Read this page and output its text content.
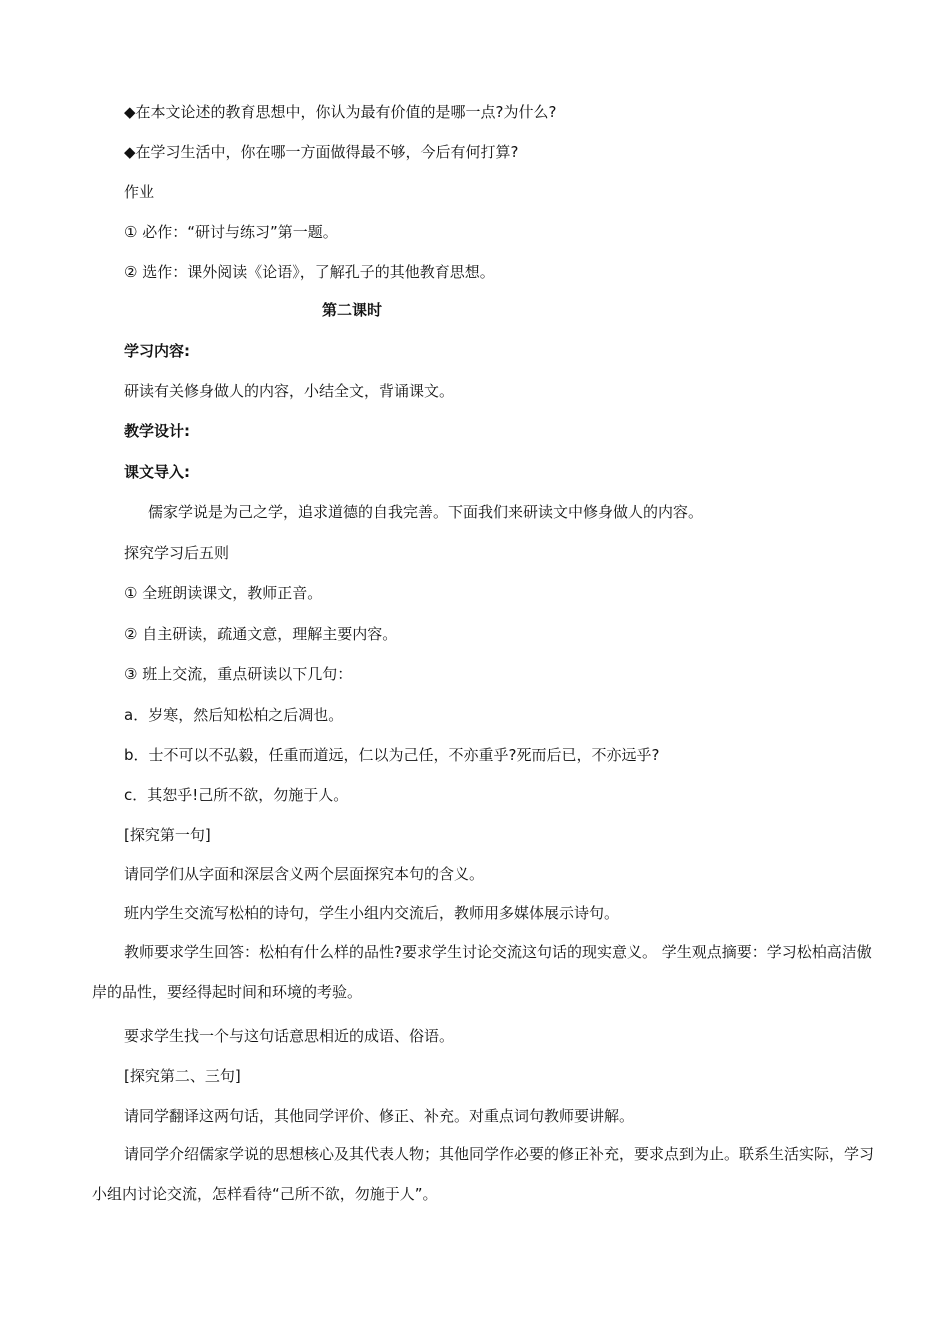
◆在本文论述的教育思想中，你认为最有价值的是哪一点?为什么?
◆在学习生活中，你在哪一方面做得最不够，今后有何打算?
作业
① 必作：“研讨与练习”第一题。
② 选作：课外阅读《论语》，了解孔子的其他教育思想。
第二课时
学习内容:
研读有关修身做人的内容，小结全文，背诵课文。
教学设计:
课文导入:
儒家学说是为己之学，追求道德的自我完善。下面我们来研读文中修身做人的内容。
探究学习后五则
① 全班朗读课文，教师正音。
② 自主研读，疏通文意，理解主要内容。
③ 班上交流，重点研读以下几句：
a．岁寒，然后知松柏之后凋也。
b．士不可以不弘毅，任重而道远，仁以为己任，不亦重乎?死而后已，不亦远乎?
c．其恕乎!己所不欲，勿施于人。
[探究第一句]
请同学们从字面和深层含义两个层面探究本句的含义。
班内学生交流写松柏的诗句，学生小组内交流后，教师用多媒体展示诗句。
教师要求学生回答：松柏有什么样的品性?要求学生讨论交流这句话的现实意义。 学生观点摘要：学习松柏高洁傲岸的品性，要经得起时间和环境的考验。
要求学生找一个与这句话意思相近的成语、俗语。
[探究第二、三句]
请同学翻译这两句话，其他同学评价、修正、补充。对重点词句教师要讲解。
请同学介绍儒家学说的思想核心及其代表人物；其他同学作必要的修正补充，要求点到为止。联系生活实际，学习小组内讨论交流，怎样看待“己所不欲，勿施于人”。
